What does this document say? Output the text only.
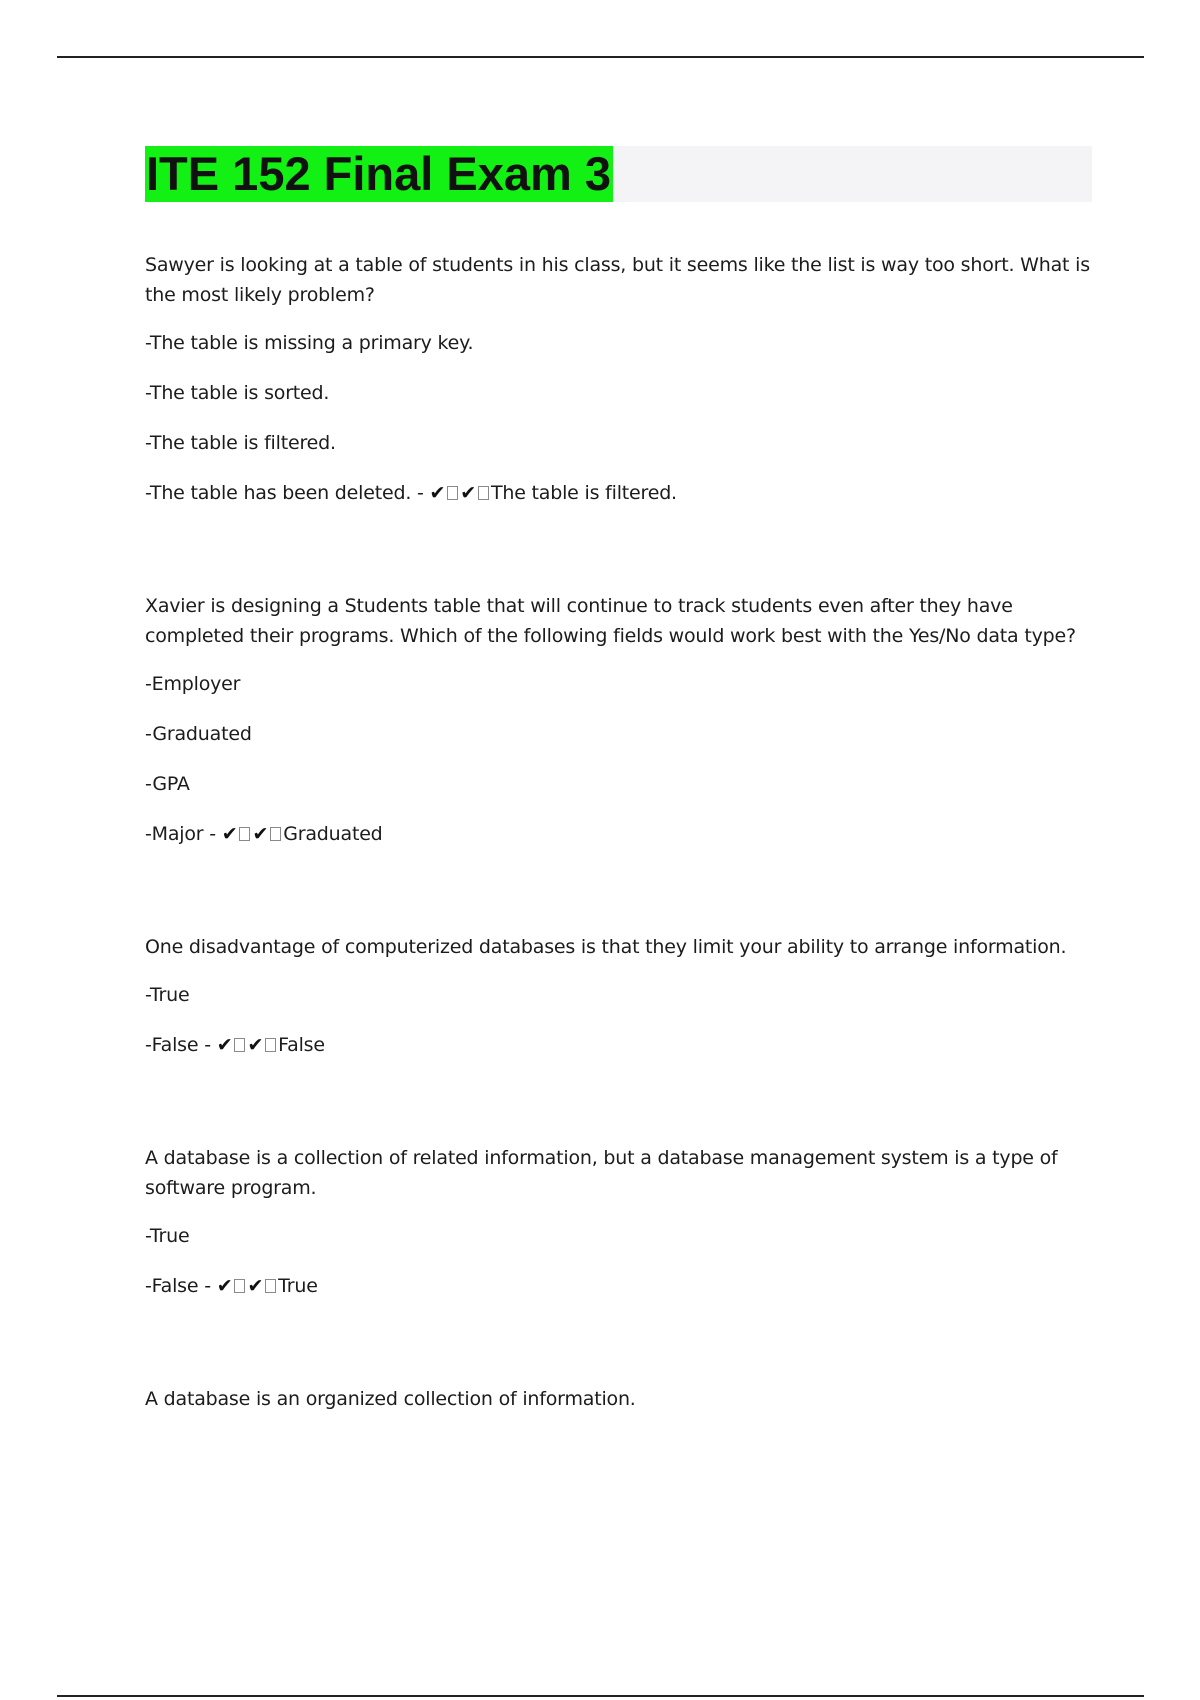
ITE 152 Final Exam 3

Sawyer is looking at a table of students in his class, but it seems like the list is way too short. What is the most likely problem?

-The table is missing a primary key.

-The table is sorted.

-The table is filtered.

-The table has been deleted. - ✔ ✔ The table is filtered.

Xavier is designing a Students table that will continue to track students even after they have completed their programs. Which of the following fields would work best with the Yes/No data type?

-Employer

-Graduated

-GPA

-Major - ✔ ✔ Graduated

One disadvantage of computerized databases is that they limit your ability to arrange information.

-True

-False - ✔ ✔ False

A database is a collection of related information, but a database management system is a type of software program.

-True

-False - ✔ ✔ True

A database is an organized collection of information.
